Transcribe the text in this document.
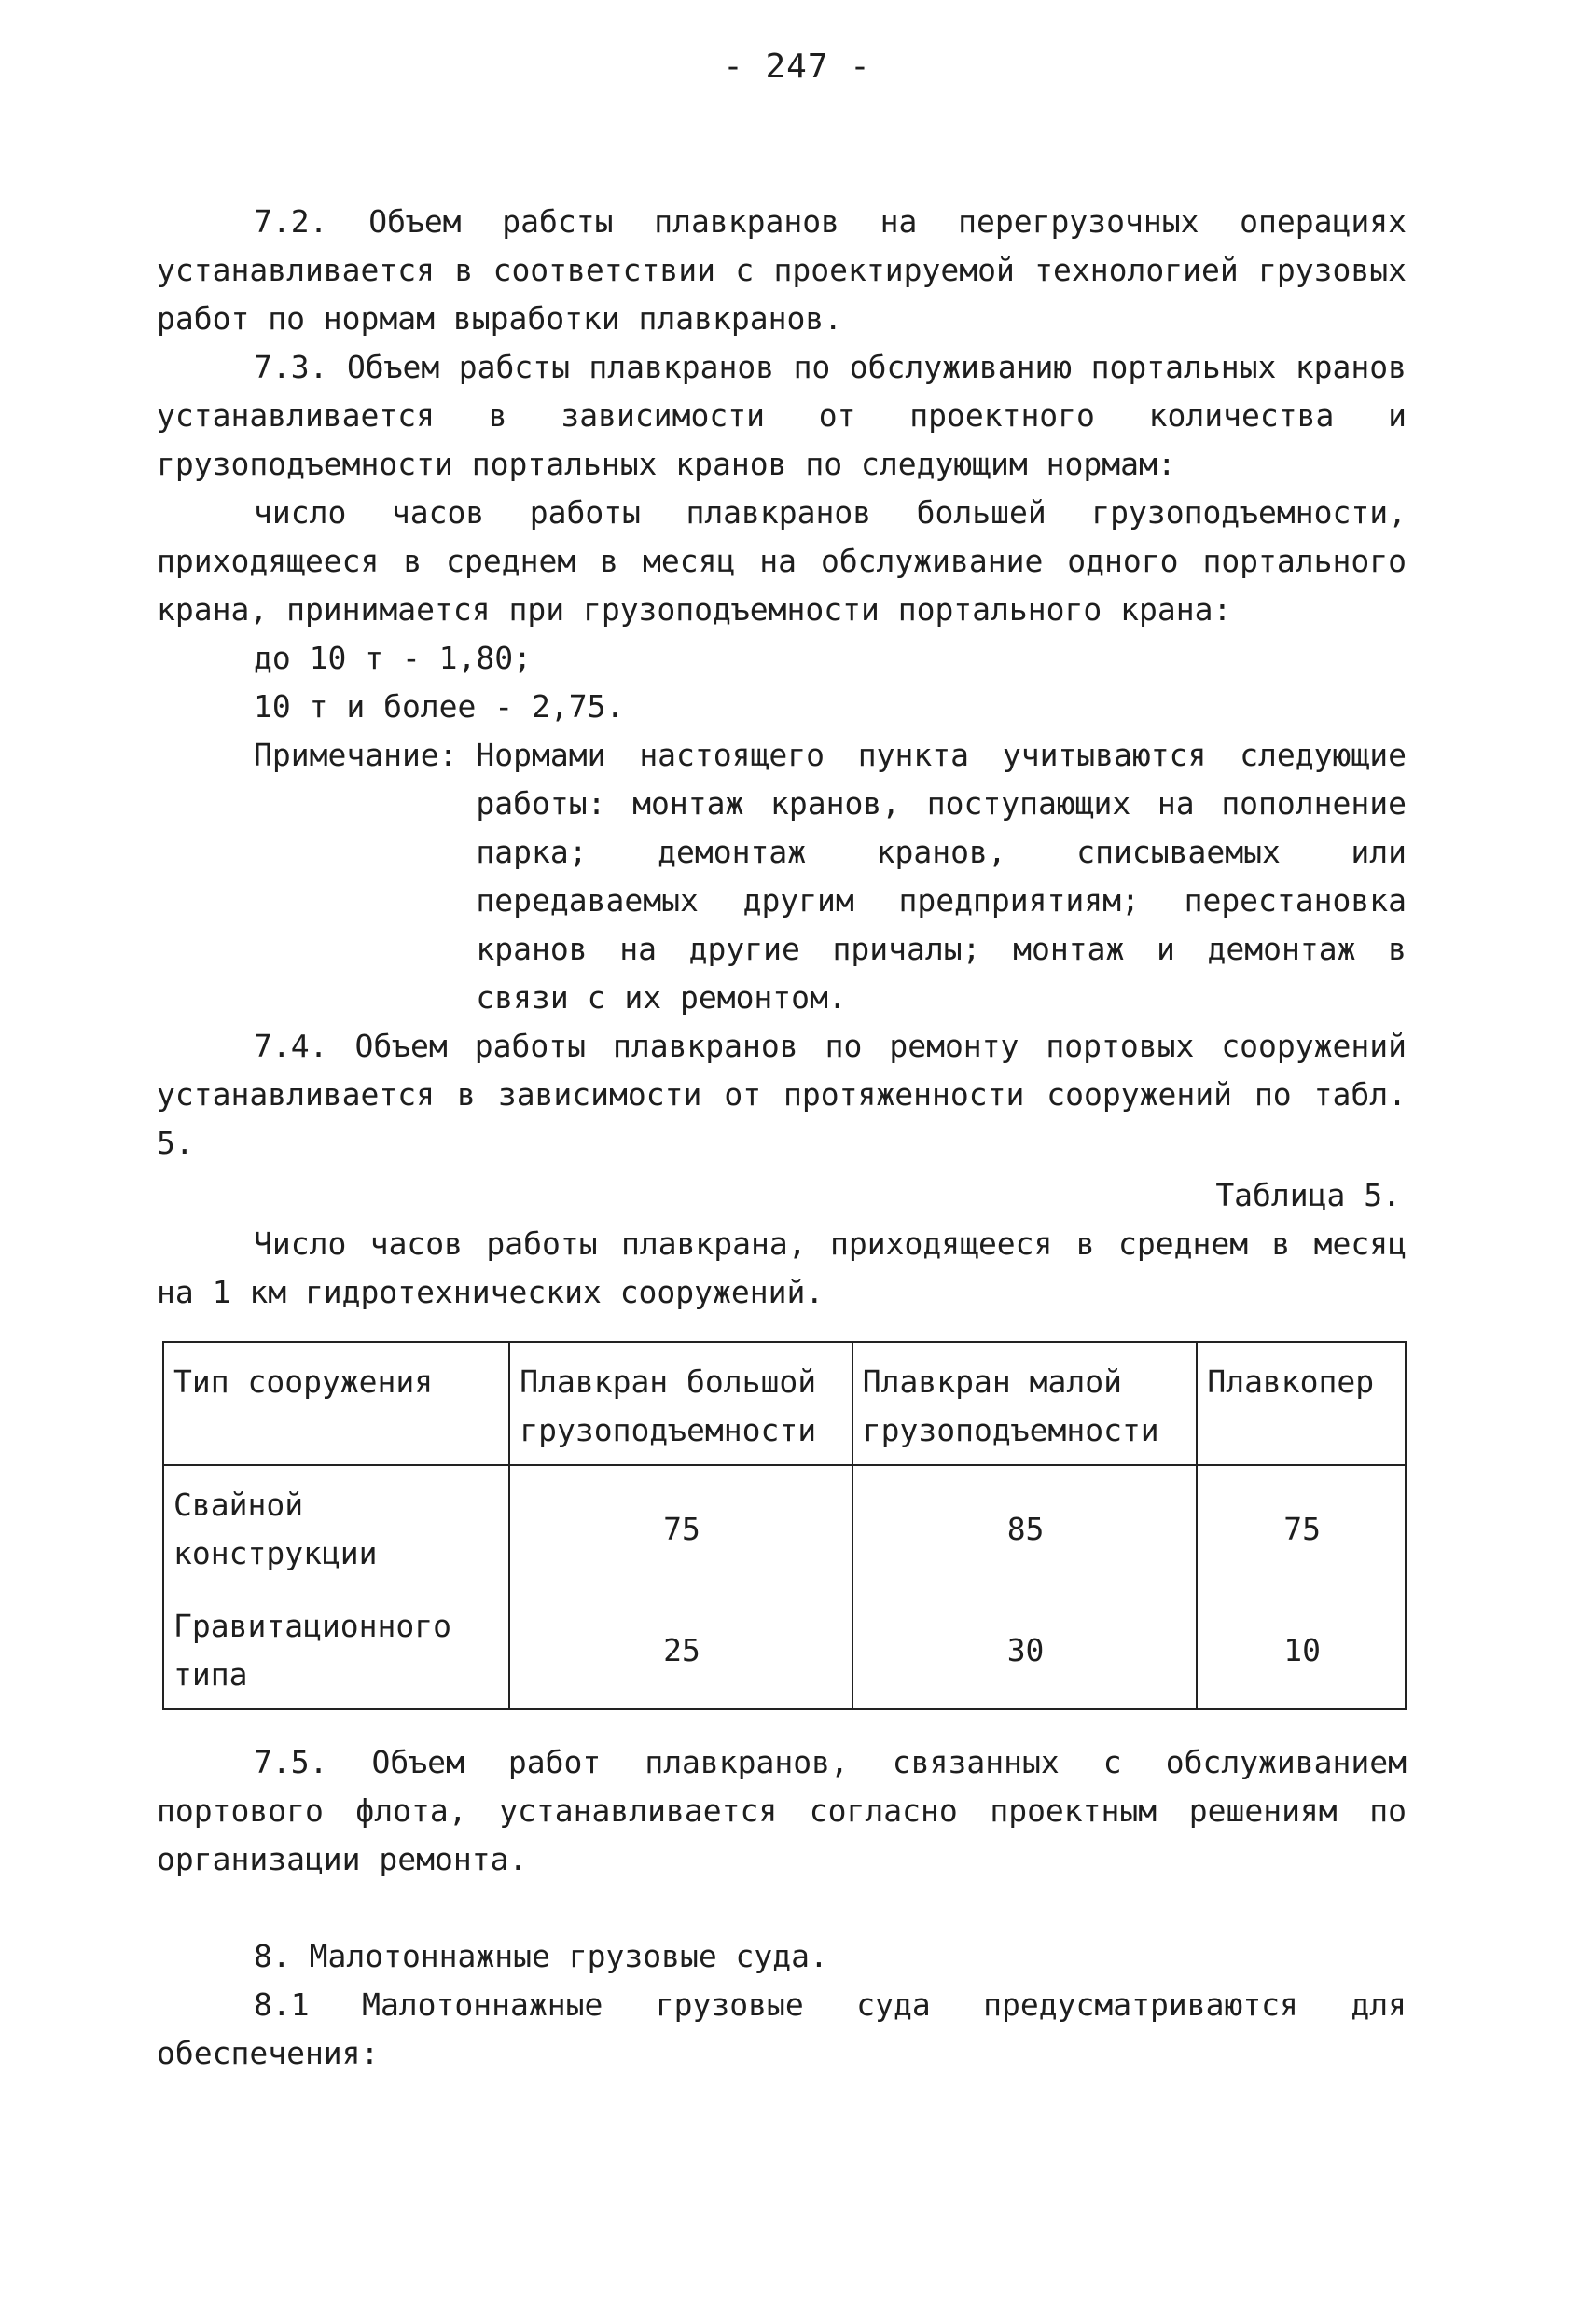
- 247 -

7.2. Объем рабсты плавкранов на перегрузочных операциях устанавливается в соответствии с проектируемой технологией грузовых работ по нормам выработки плавкранов.

7.3. Объем рабсты плавкранов по обслуживанию портальных кранов устанавливается в зависимости от проектного количества и грузоподъемности портальных кранов по следующим нормам:

число часов работы плавкранов большей грузоподъемности, приходящееся в среднем в месяц на обслуживание одного портального крана, принимается при грузоподъемности портального крана:

до 10 т - 1,80;

10 т и более - 2,75.

Примечание: Нормами настоящего пункта учитываются следующие работы: монтаж кранов, поступающих на пополнение парка; демонтаж кранов, списываемых или передаваемых другим предприятиям; перестановка кранов на другие причалы; монтаж и демонтаж в связи с их ремонтом.

7.4. Объем работы плавкранов по ремонту портовых сооружений устанавливается в зависимости от протяженности сооружений по табл. 5.

Таблица 5.

Число часов работы плавкрана, приходящееся в среднем в месяц на 1 км гидротехнических сооружений.

Тип сооружения	Плавкран большой грузоподъемности	Плавкран малой грузоподъемности	Плавкопер
Свайной конструкции	75	85	75
Гравитационного типа	25	30	10

7.5. Объем работ плавкранов, связанных с обслуживанием портового флота, устанавливается согласно проектным решениям по организации ремонта.

8. Малотоннажные грузовые суда.

8.1 Малотоннажные грузовые суда предусматриваются для обеспечения:
